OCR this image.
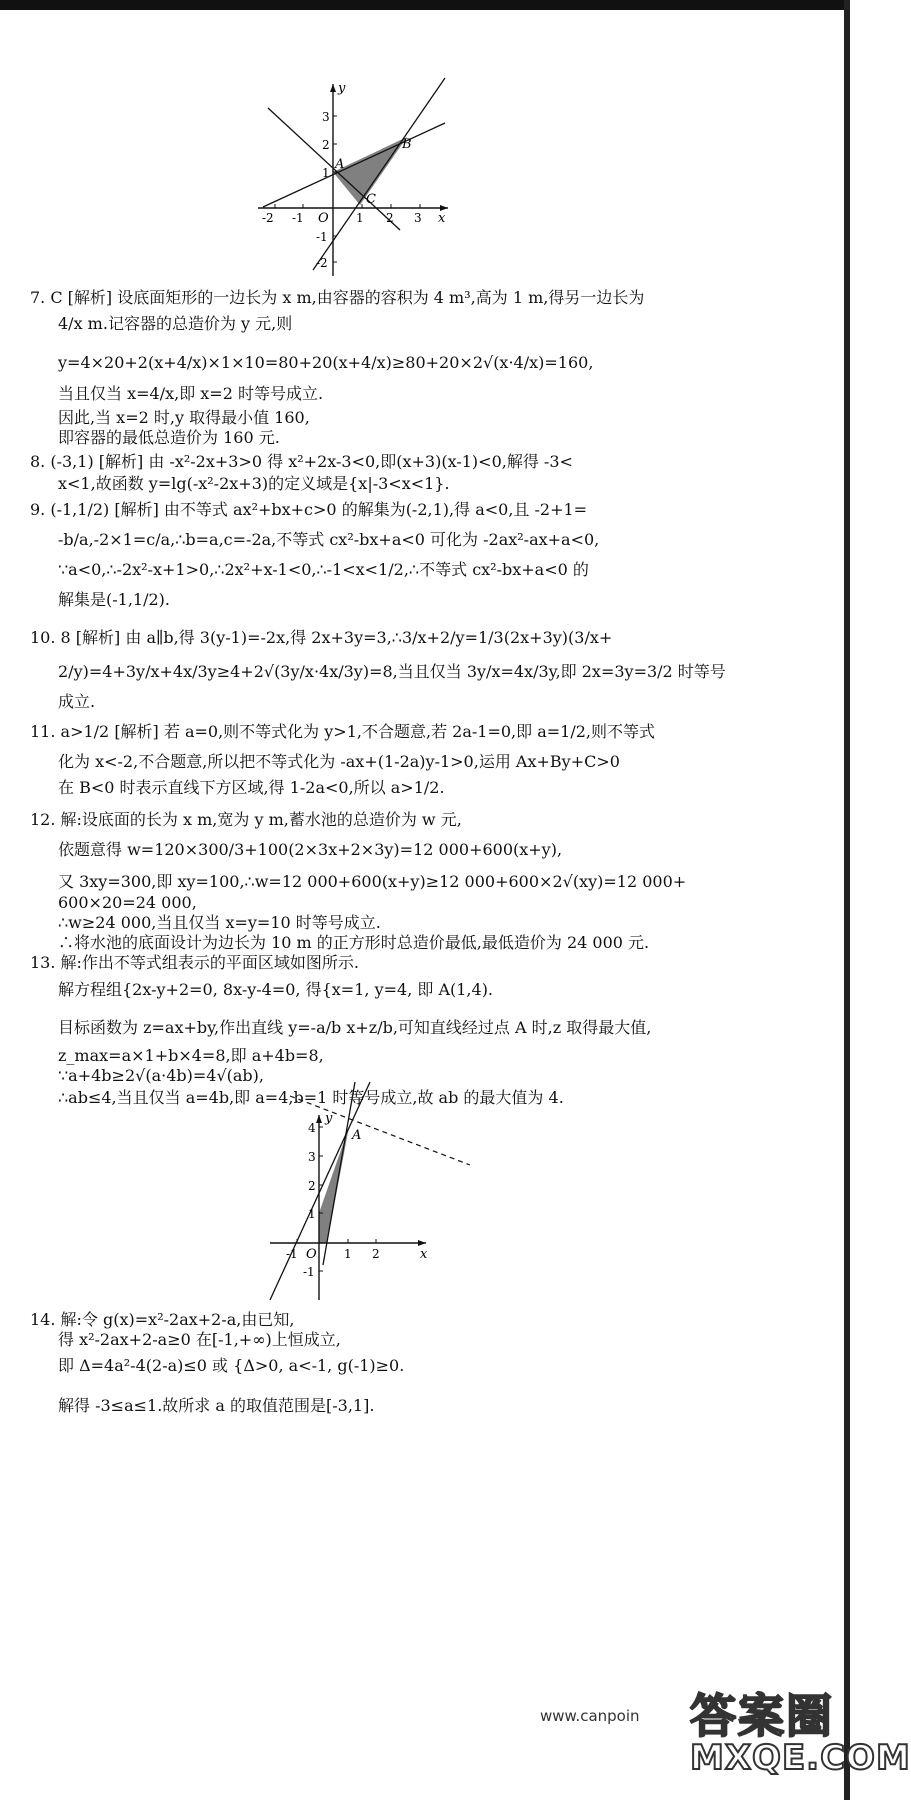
y
x
3
2
1
-1
-2
O
-2 -1	1 2 3
A
B
C
7. C [解析] 设底面矩形的一边长为 x m,由容器的容积为 4 m³,高为 1 m,得另一边长为
4/x m.记容器的总造价为 y 元,则
y=4×20+2(x+4/x)×1×10=80+20(x+4/x)≥80+20×2√(x·4/x)=160,
当且仅当 x=4/x,即 x=2 时等号成立.
因此,当 x=2 时,y 取得最小值 160,
即容器的最低总造价为 160 元.
8. (-3,1) [解析] 由 -x²-2x+3>0 得 x²+2x-3<0,即(x+3)(x-1)<0,解得 -3<
x<1,故函数 y=lg(-x²-2x+3)的定义域是{x|-3<x<1}.
9. (-1,1/2) [解析] 由不等式 ax²+bx+c>0 的解集为(-2,1),得 a<0,且 -2+1=
-b/a,-2×1=c/a,∴b=a,c=-2a,不等式 cx²-bx+a<0 可化为 -2ax²-ax+a<0,
∵a<0,∴-2x²-x+1>0,∴2x²+x-1<0,∴-1<x<1/2,∴不等式 cx²-bx+a<0 的
解集是(-1,1/2).
10. 8 [解析] 由 a∥b,得 3(y-1)=-2x,得 2x+3y=3,∴3/x+2/y=1/3(2x+3y)(3/x+
2/y)=4+3y/x+4x/3y≥4+2√(3y/x·4x/3y)=8,当且仅当 3y/x=4x/3y,即 2x=3y=3/2 时等号
成立.
11. a>1/2 [解析] 若 a=0,则不等式化为 y>1,不合题意,若 2a-1=0,即 a=1/2,则不等式
化为 x<-2,不合题意,所以把不等式化为 -ax+(1-2a)y-1>0,运用 Ax+By+C>0
在 B<0 时表示直线下方区域,得 1-2a<0,所以 a>1/2.
12. 解:设底面的长为 x m,宽为 y m,蓄水池的总造价为 w 元,
依题意得 w=120×300/3+100(2×3x+2×3y)=12 000+600(x+y),
又 3xy=300,即 xy=100,∴w=12 000+600(x+y)≥12 000+600×2√(xy)=12 000+
600×20=24 000,
∴w≥24 000,当且仅当 x=y=10 时等号成立.
∴将水池的底面设计为边长为 10 m 的正方形时总造价最低,最低造价为 24 000 元.
13. 解:作出不等式组表示的平面区域如图所示.
解方程组{2x-y+2=0, 8x-y-4=0, 得{x=1, y=4, 即 A(1,4).
目标函数为 z=ax+by,作出直线 y=-a/b x+z/b,可知直线经过点 A 时,z 取得最大值,
z_max=a×1+b×4=8,即 a+4b=8,
∵a+4b≥2√(a·4b)=4√(ab),
∴ab≤4,当且仅当 a=4b,即 a=4,b=1 时等号成立,故 ab 的最大值为 4.
y
x
4
3
2
1
-1
-1 O 1 2
A
14. 解:令 g(x)=x²-2ax+2-a,由已知,
得 x²-2ax+2-a≥0 在[-1,+∞)上恒成立,
即 Δ=4a²-4(2-a)≤0 或 {Δ>0, a<-1, g(-1)≥0.
解得 -3≤a≤1.故所求 a 的取值范围是[-3,1].
www.canpoin 答案圈
MXQE.COM
